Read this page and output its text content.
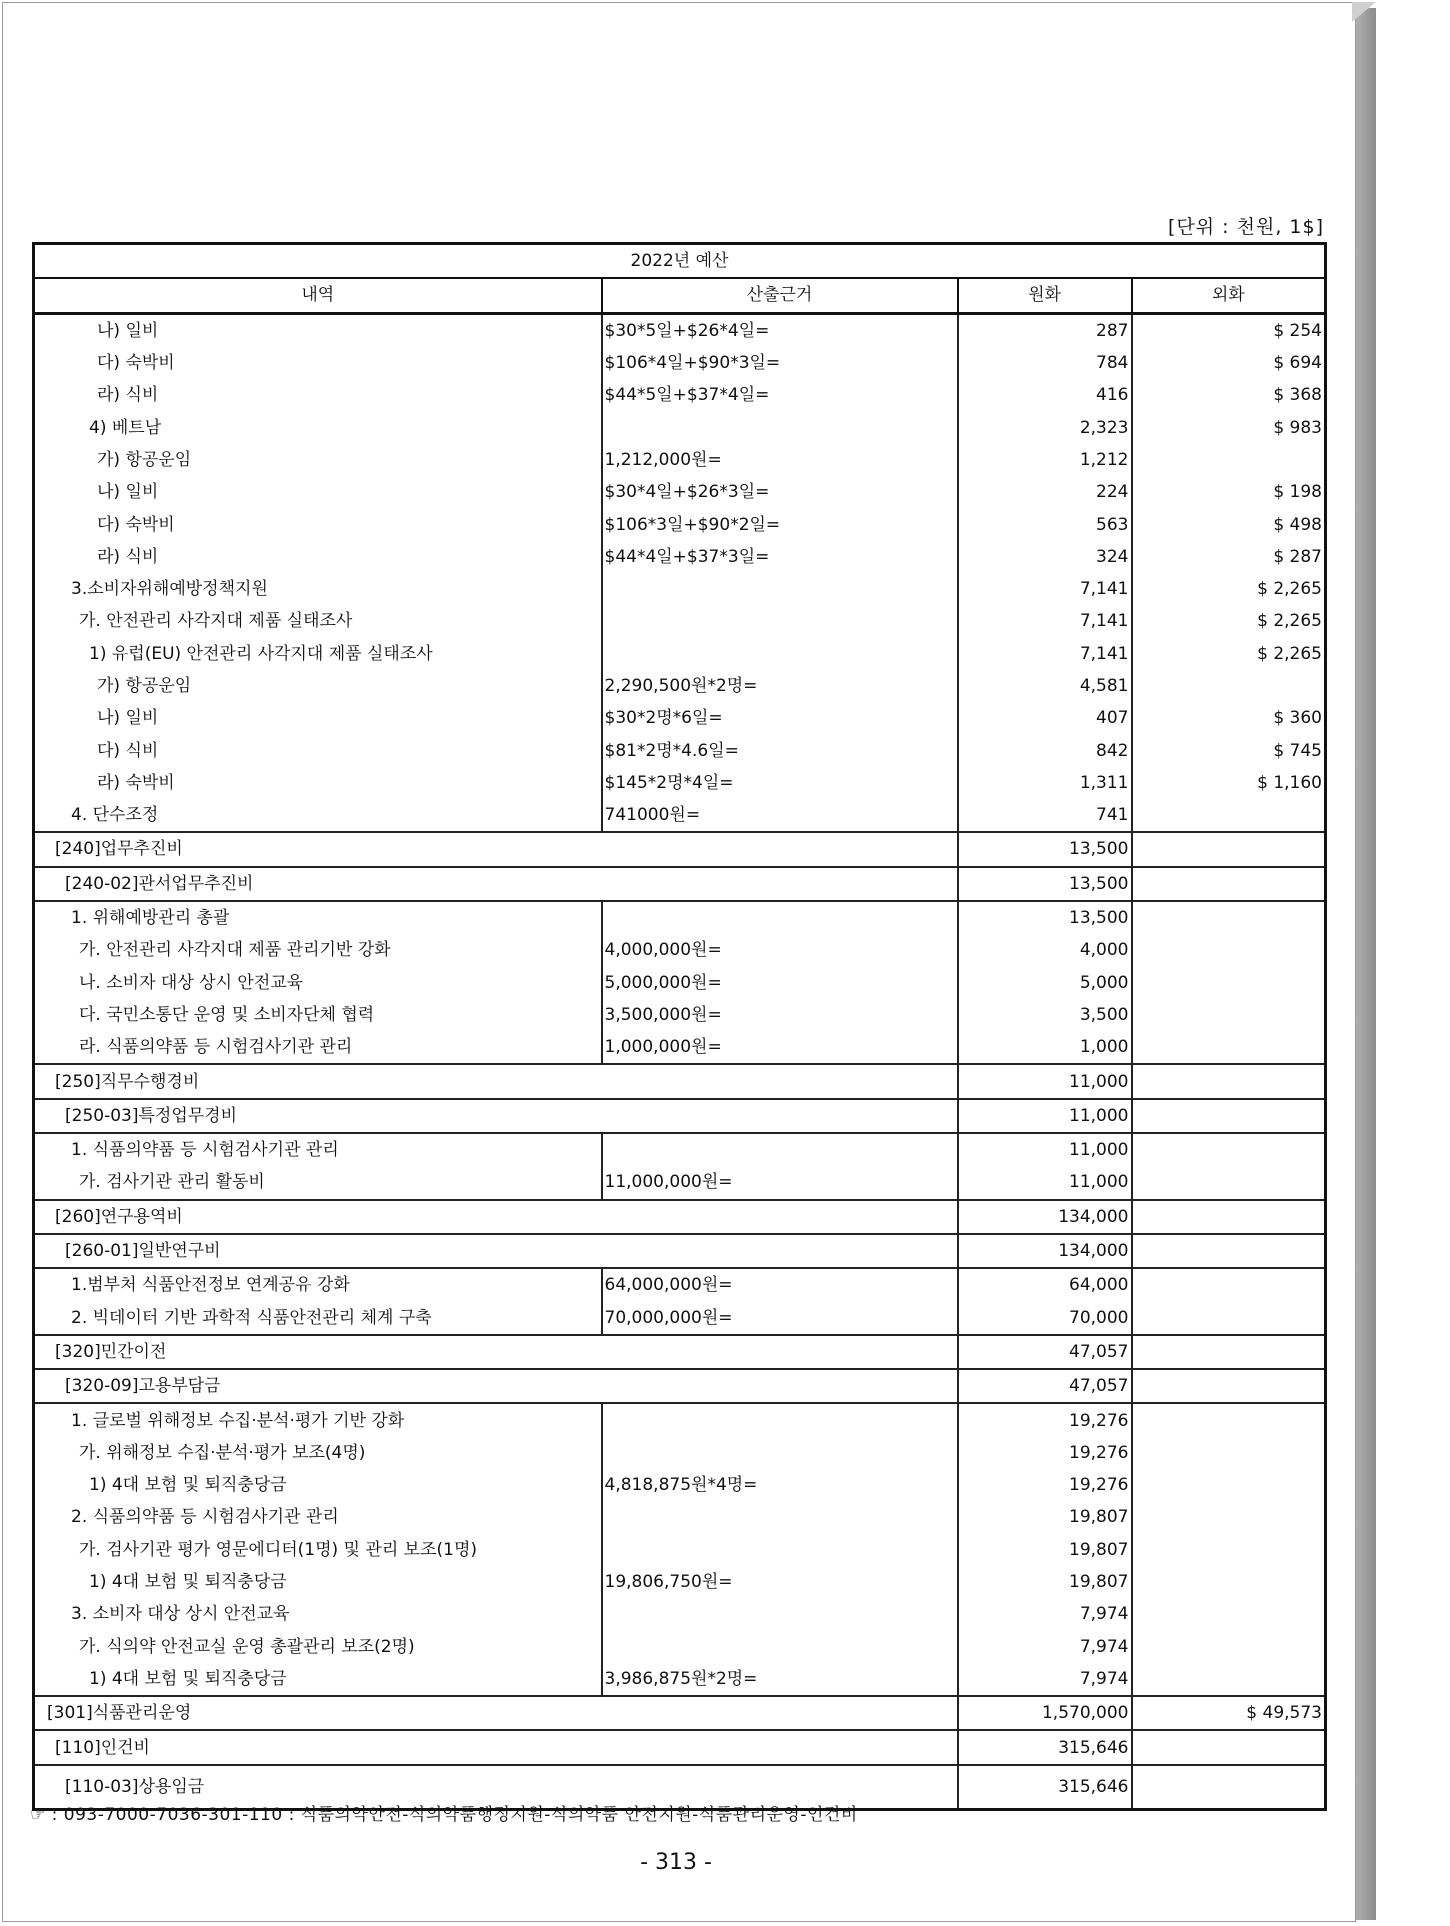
[단위 : 천원, 1$]
2022년 예산			
내역	산출근거	원화	외화
나) 일비	$30*5일+$26*4일=	287	$ 254
다) 숙박비	$106*4일+$90*3일=	784	$ 694
라) 식비	$44*5일+$37*4일=	416	$ 368
4) 베트남		2,323	$ 983
가) 항공운임	1,212,000원=	1,212	
나) 일비	$30*4일+$26*3일=	224	$ 198
다) 숙박비	$106*3일+$90*2일=	563	$ 498
라) 식비	$44*4일+$37*3일=	324	$ 287
3.소비자위해예방정책지원		7,141	$ 2,265
가. 안전관리 사각지대 제품 실태조사		7,141	$ 2,265
1) 유럽(EU) 안전관리 사각지대 제품 실태조사		7,141	$ 2,265
가) 항공운임	2,290,500원*2명=	4,581	
나) 일비	$30*2명*6일=	407	$ 360
다) 식비	$81*2명*4.6일=	842	$ 745
라) 숙박비	$145*2명*4일=	1,311	$ 1,160
4. 단수조정	741000원=	741	
[240]업무추진비		13,500	
[240-02]관서업무추진비		13,500	
1. 위해예방관리 총괄		13,500	
가. 안전관리 사각지대 제품 관리기반 강화	4,000,000원=	4,000	
나. 소비자 대상 상시 안전교육	5,000,000원=	5,000	
다. 국민소통단 운영 및 소비자단체 협력	3,500,000원=	3,500	
라. 식품의약품 등 시험검사기관 관리	1,000,000원=	1,000	
[250]직무수행경비		11,000	
[250-03]특정업무경비		11,000	
1. 식품의약품 등 시험검사기관 관리		11,000	
가. 검사기관 관리 활동비	11,000,000원=	11,000	
[260]연구용역비		134,000	
[260-01]일반연구비		134,000	
1.범부처 식품안전정보 연계공유 강화	64,000,000원=	64,000	
2. 빅데이터 기반 과학적 식품안전관리 체계 구축	70,000,000원=	70,000	
[320]민간이전		47,057	
[320-09]고용부담금		47,057	
1. 글로벌 위해정보 수집·분석·평가 기반 강화		19,276	
가. 위해정보 수집·분석·평가 보조(4명)		19,276	
1) 4대 보험 및 퇴직충당금	4,818,875원*4명=	19,276	
2. 식품의약품 등 시험검사기관 관리		19,807	
가. 검사기관 평가 영문에디터(1명) 및 관리 보조(1명)		19,807	
1) 4대 보험 및 퇴직충당금	19,806,750원=	19,807	
3. 소비자 대상 상시 안전교육		7,974	
가. 식의약 안전교실 운영 총괄관리 보조(2명)		7,974	
1) 4대 보험 및 퇴직충당금	3,986,875원*2명=	7,974	
[301]식품관리운영		1,570,000	$ 49,573
[110]인건비		315,646	
[110-03]상용임금		315,646	
☞ : 093-7000-7036-301-110 : 식품의약안전-식의약품행정지원-식의약품 안전지원-식품관리운영-인건비
- 313 -
